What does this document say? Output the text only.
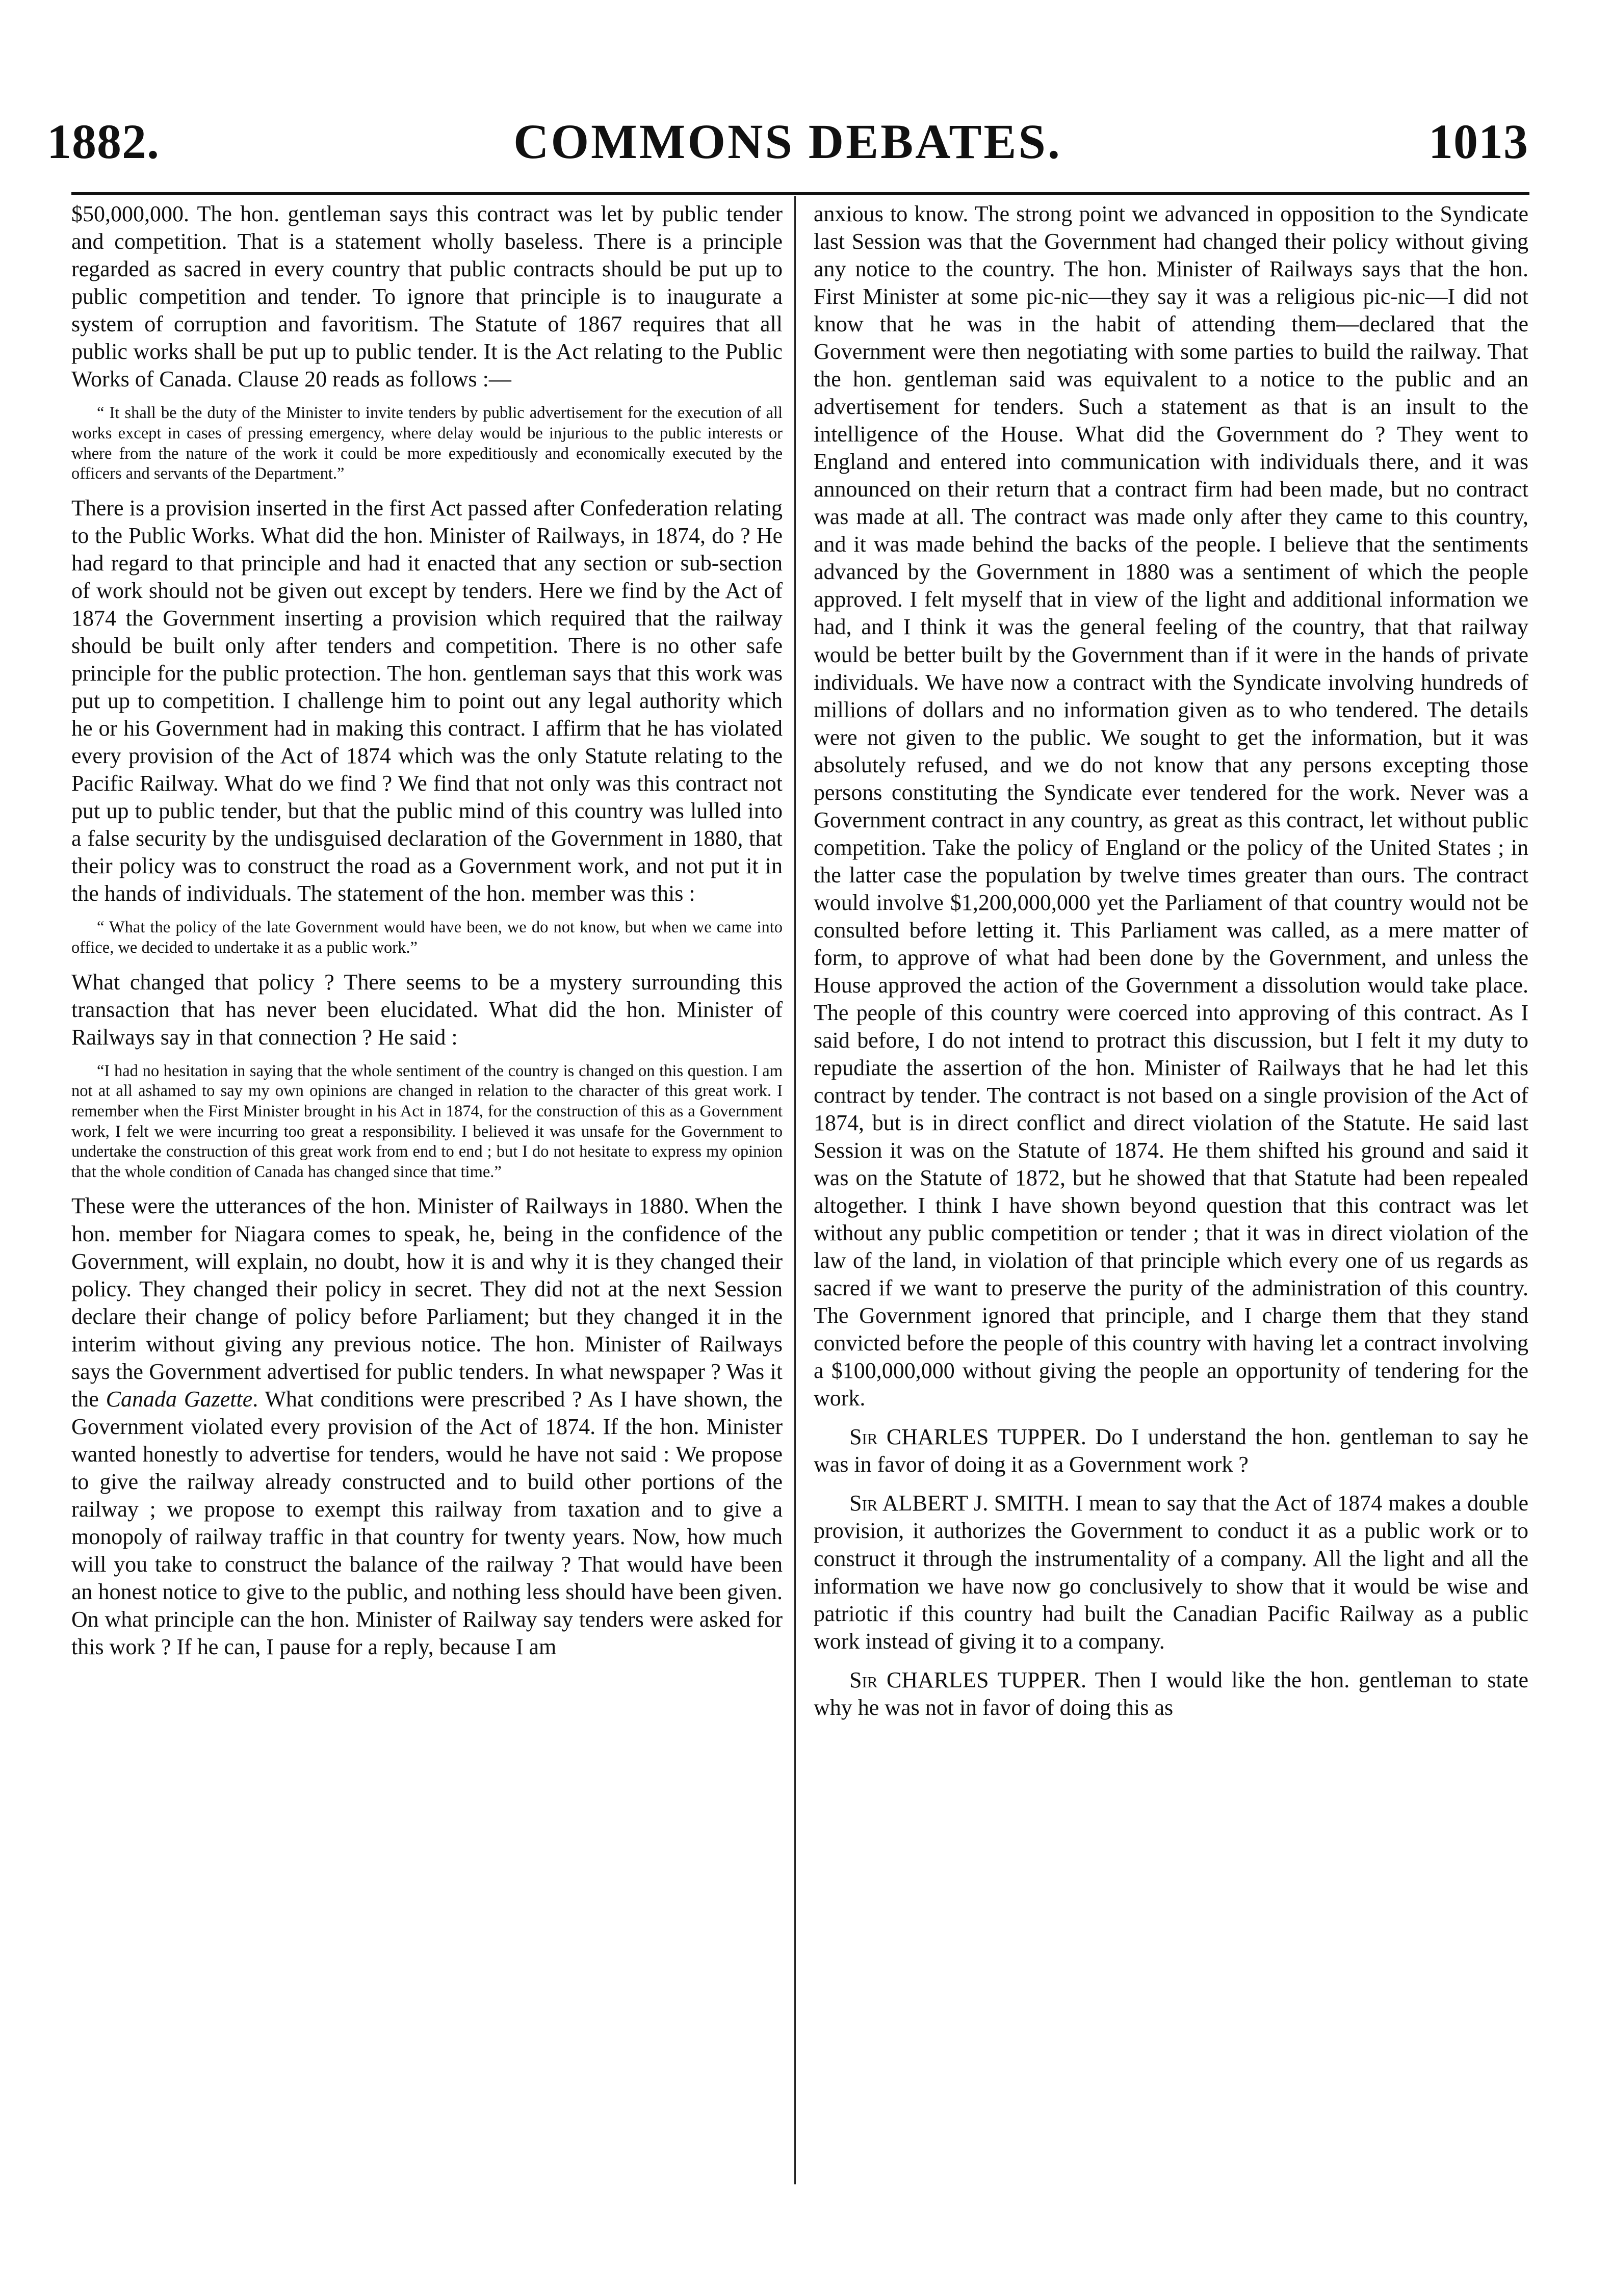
1882.	COMMONS DEBATES.	1013

$50,000,000. The hon. gentleman says this contract was let by public tender and competition. That is a statement wholly baseless. There is a principle regarded as sacred in every country that public contracts should be put up to public competition and tender. To ignore that principle is to inaugurate a system of corruption and favoritism. The Statute of 1867 requires that all public works shall be put up to public tender. It is the Act relating to the Public Works of Canada. Clause 20 reads as follows :—

“ It shall be the duty of the Minister to invite tenders by public advertisement for the execution of all works except in cases of pressing emergency, where delay would be injurious to the public interests or where from the nature of the work it could be more expeditiously and economically executed by the officers and servants of the Department.”

There is a provision inserted in the first Act passed after Confederation relating to the Public Works. What did the hon. Minister of Railways, in 1874, do ? He had regard to that principle and had it enacted that any section or sub-section of work should not be given out except by tenders. Here we find by the Act of 1874 the Government inserting a provision which required that the railway should be built only after tenders and competition. There is no other safe principle for the public protection. The hon. gentleman says that this work was put up to competition. I challenge him to point out any legal authority which he or his Government had in making this contract. I affirm that he has violated every provision of the Act of 1874 which was the only Statute relating to the Pacific Railway. What do we find ? We find that not only was this contract not put up to public tender, but that the public mind of this country was lulled into a false security by the undisguised declaration of the Government in 1880, that their policy was to construct the road as a Government work, and not put it in the hands of individuals. The statement of the hon. member was this :

“ What the policy of the late Government would have been, we do not know, but when we came into office, we decided to undertake it as a public work.”

What changed that policy ? There seems to be a mystery surrounding this transaction that has never been elucidated. What did the hon. Minister of Railways say in that connection ? He said :

“I had no hesitation in saying that the whole sentiment of the country is changed on this question. I am not at all ashamed to say my own opinions are changed in relation to the character of this great work. I remember when the First Minister brought in his Act in 1874, for the construction of this as a Government work, I felt we were incurring too great a responsibility. I believed it was unsafe for the Government to undertake the construction of this great work from end to end ; but I do not hesitate to express my opinion that the whole condition of Canada has changed since that time.”

These were the utterances of the hon. Minister of Railways in 1880. When the hon. member for Niagara comes to speak, he, being in the confidence of the Government, will explain, no doubt, how it is and why it is they changed their policy. They changed their policy in secret. They did not at the next Session declare their change of policy before Parliament; but they changed it in the interim without giving any previous notice. The hon. Minister of Railways says the Government advertised for public tenders. In what newspaper ? Was it the Canada Gazette. What conditions were prescribed ? As I have shown, the Government violated every provision of the Act of 1874. If the hon. Minister wanted honestly to advertise for tenders, would he have not said : We propose to give the railway already constructed and to build other portions of the railway ; we propose to exempt this railway from taxation and to give a monopoly of railway traffic in that country for twenty years. Now, how much will you take to construct the balance of the railway ? That would have been an honest notice to give to the public, and nothing less should have been given. On what principle can the hon. Minister of Railway say tenders were asked for this work ? If he can, I pause for a reply, because I am

anxious to know. The strong point we advanced in opposition to the Syndicate last Session was that the Government had changed their policy without giving any notice to the country. The hon. Minister of Railways says that the hon. First Minister at some pic-nic—they say it was a religious pic-nic—I did not know that he was in the habit of attending them—declared that the Government were then negotiating with some parties to build the railway. That the hon. gentleman said was equivalent to a notice to the public and an advertisement for tenders. Such a statement as that is an insult to the intelligence of the House. What did the Government do ? They went to England and entered into communication with individuals there, and it was announced on their return that a contract firm had been made, but no contract was made at all. The contract was made only after they came to this country, and it was made behind the backs of the people. I believe that the sentiments advanced by the Government in 1880 was a sentiment of which the people approved. I felt myself that in view of the light and additional information we had, and I think it was the general feeling of the country, that that railway would be better built by the Government than if it were in the hands of private individuals. We have now a contract with the Syndicate involving hundreds of millions of dollars and no information given as to who tendered. The details were not given to the public. We sought to get the information, but it was absolutely refused, and we do not know that any persons excepting those persons constituting the Syndicate ever tendered for the work. Never was a Government contract in any country, as great as this contract, let without public competition. Take the policy of England or the policy of the United States ; in the latter case the population by twelve times greater than ours. The contract would involve $1,200,000,000 yet the Parliament of that country would not be consulted before letting it. This Parliament was called, as a mere matter of form, to approve of what had been done by the Government, and unless the House approved the action of the Government a dissolution would take place. The people of this country were coerced into approving of this contract. As I said before, I do not intend to protract this discussion, but I felt it my duty to repudiate the assertion of the hon. Minister of Railways that he had let this contract by tender. The contract is not based on a single provision of the Act of 1874, but is in direct conflict and direct violation of the Statute. He said last Session it was on the Statute of 1874. He them shifted his ground and said it was on the Statute of 1872, but he showed that that Statute had been repealed altogether. I think I have shown beyond question that this contract was let without any public competition or tender ; that it was in direct violation of the law of the land, in violation of that principle which every one of us regards as sacred if we want to preserve the purity of the administration of this country. The Government ignored that principle, and I charge them that they stand convicted before the people of this country with having let a contract involving a $100,000,000 without giving the people an opportunity of tendering for the work.

Sir CHARLES TUPPER. Do I understand the hon. gentleman to say he was in favor of doing it as a Government work ?

Sir ALBERT J. SMITH. I mean to say that the Act of 1874 makes a double provision, it authorizes the Government to conduct it as a public work or to construct it through the instrumentality of a company. All the light and all the information we have now go conclusively to show that it would be wise and patriotic if this country had built the Canadian Pacific Railway as a public work instead of giving it to a company.

Sir CHARLES TUPPER. Then I would like the hon. gentleman to state why he was not in favor of doing this as
